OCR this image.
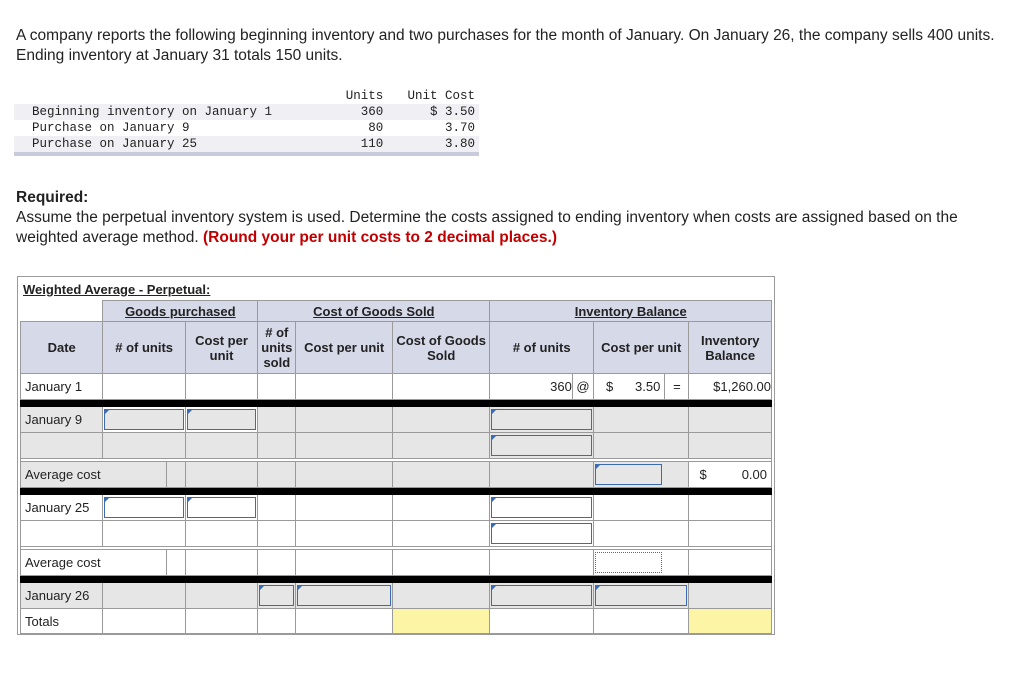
A company reports the following beginning inventory and two purchases for the month of January. On January 26, the company sells 400 units. Ending inventory at January 31 totals 150 units.
	Units	Unit Cost
Beginning inventory on January 1	360	$ 3.50
Purchase on January 9	80	3.70
Purchase on January 25	110	3.80
Required:
Assume the perpetual inventory system is used. Determine the costs assigned to ending inventory when costs are assigned based on the weighted average method. (Round your per unit costs to 2 decimal places.)
Weighted Average - Perpetual:
	Goods purchased			Cost of Goods Sold			Inventory Balance				
Date	# of units		Cost per unit	# of units sold	Cost per unit	Cost of Goods Sold	# of units		Cost per unit		Inventory Balance
January 1							360	@	$ 3.50	=	$1,260.00

January 9				

Average cost											$ 0.00

January 25				

Average cost										

January 26						

Totals											
